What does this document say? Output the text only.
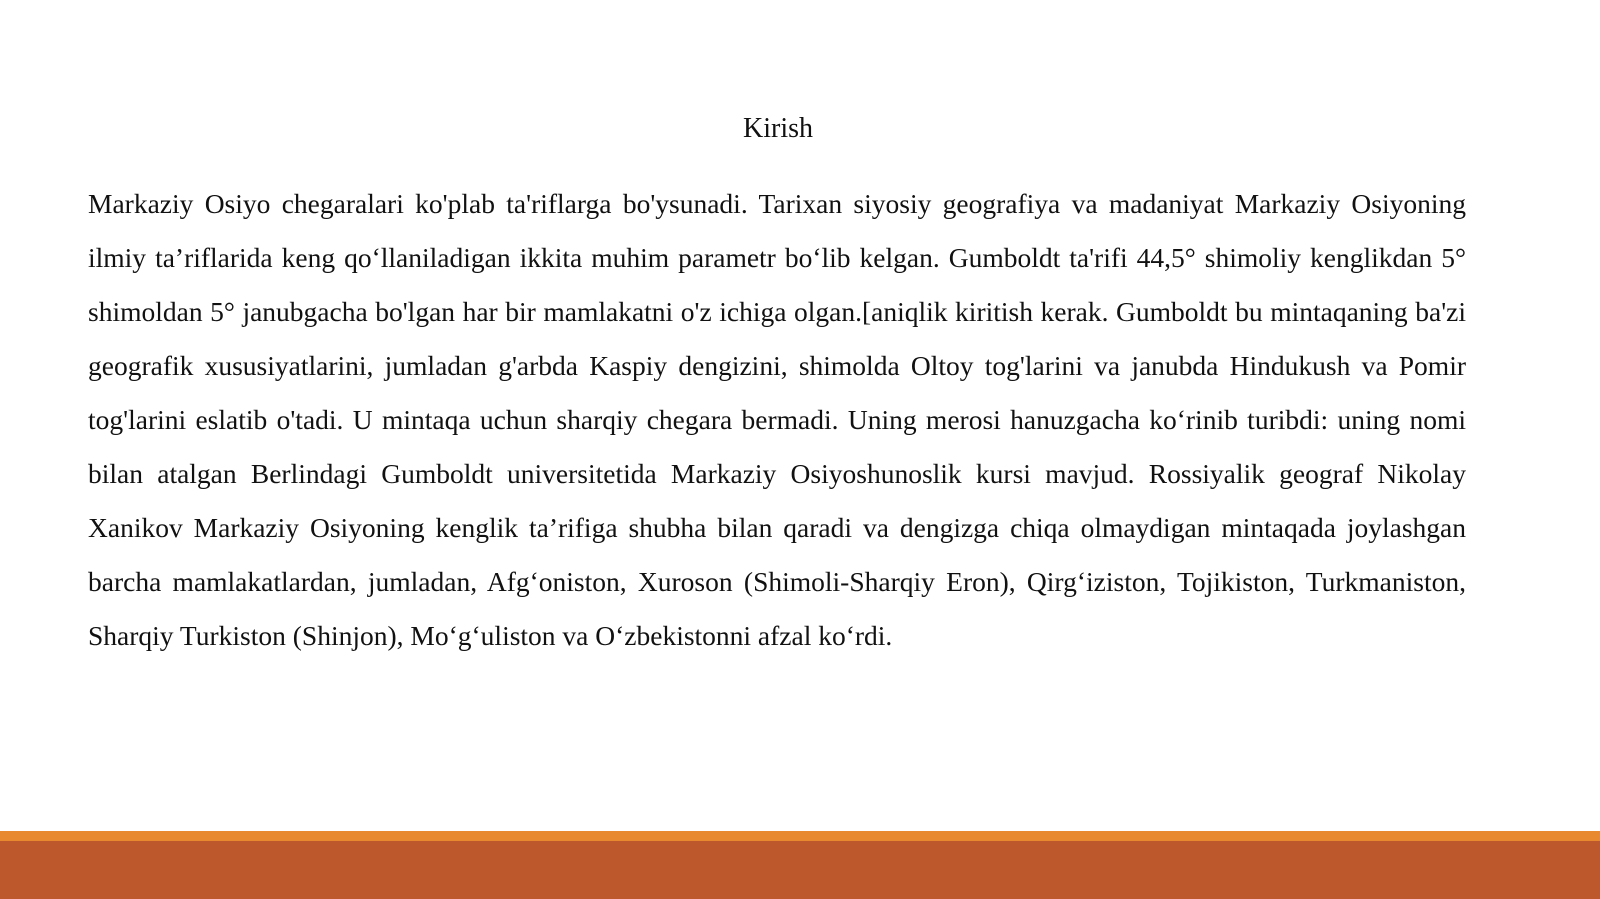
Kirish

Markaziy Osiyo chegaralari ko'plab ta'riflarga bo'ysunadi. Tarixan siyosiy geografiya va madaniyat Markaziy Osiyoning ilmiy ta’riflarida keng qo‘llaniladigan ikkita muhim parametr bo‘lib kelgan. Gumboldt ta'rifi 44,5° shimoliy kenglikdan 5° shimoldan 5° janubgacha bo'lgan har bir mamlakatni o'z ichiga olgan.[aniqlik kiritish kerak. Gumboldt bu mintaqaning ba'zi geografik xususiyatlarini, jumladan g'arbda Kaspiy dengizini, shimolda Oltoy tog'larini va janubda Hindukush va Pomir tog'larini eslatib o'tadi. U mintaqa uchun sharqiy chegara bermadi. Uning merosi hanuzgacha ko‘rinib turibdi: uning nomi bilan atalgan Berlindagi Gumboldt universitetida Markaziy Osiyoshunoslik kursi mavjud. Rossiyalik geograf Nikolay Xanikov Markaziy Osiyoning kenglik ta’rifiga shubha bilan qaradi va dengizga chiqa olmaydigan mintaqada joylashgan barcha mamlakatlardan, jumladan, Afg‘oniston, Xuroson (Shimoli-Sharqiy Eron), Qirg‘iziston, Tojikiston, Turkmaniston, Sharqiy Turkiston (Shinjon), Mo‘g‘uliston va O‘zbekistonni afzal ko‘rdi.
